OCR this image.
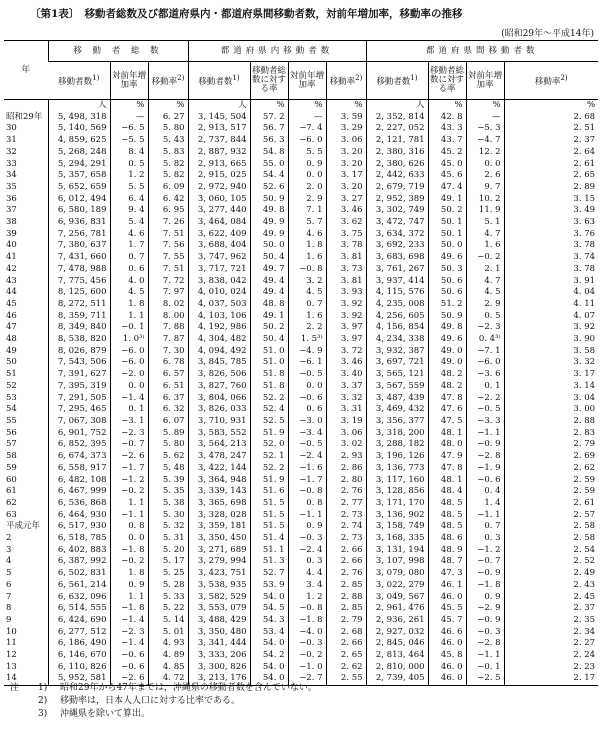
〔第1表〕　移動者総数及び都道府県内・都道府県間移動者数，対前年増加率，移動率の推移
(昭和29年～平成14年)
年	移 動 者 総 数			都道府県内移動者数				都道府県間移動者数			
	移動者数$^{1)}$	対前年増加率	移動率$^{2)}$	移動者数$^{1)}$	移動者総数に対する率	対前年増加率	移動率$^{2)}$	移動者数$^{1)}$	移動者総数に対する率	対前年増加率	移動率$^{2)}$
	人	%	%	人	%	%	%	人	%	%	%
昭和29年	5, 498, 318	—	6. 27	3, 145, 504	57. 2	—	3. 59	2, 352, 814	42. 8	—	2. 68
30	5, 140, 569	−6. 5	5. 80	2, 913, 517	56. 7	−7. 4	3. 29	2, 227, 052	43. 3	−5. 3	2. 51
31	4, 859, 625	−5. 5	5. 43	2, 737, 844	56. 3	−6. 0	3. 06	2, 121, 781	43. 7	−4. 7	2. 37
32	5, 268, 248	8. 4	5. 83	2, 887, 932	54. 8	5. 5	3. 20	2, 380, 316	45. 2	12. 2	2. 64
33	5, 294, 291	0. 5	5. 82	2, 913, 665	55. 0	0. 9	3. 20	2, 380, 626	45. 0	0. 0	2. 61
34	5, 357, 658	1. 2	5. 82	2, 915, 025	54. 4	0. 0	3. 17	2, 442, 633	45. 6	2. 6	2. 65
35	5, 652, 659	5. 5	6. 09	2, 972, 940	52. 6	2. 0	3. 20	2, 679, 719	47. 4	9. 7	2. 89
36	6, 012, 494	6. 4	6. 42	3, 060, 105	50. 9	2. 9	3. 27	2, 952, 389	49. 1	10. 2	3. 15
37	6, 580, 189	9. 4	6. 95	3, 277, 440	49. 8	7. 1	3. 46	3, 302, 749	50. 2	11. 9	3. 49
38	6, 936, 831	5. 4	7. 26	3, 464, 084	49. 9	5. 7	3. 62	3, 472, 747	50. 1	5. 1	3. 63
39	7, 256, 781	4. 6	7. 51	3, 622, 409	49. 9	4. 6	3. 75	3, 634, 372	50. 1	4. 7	3. 76
40	7, 380, 637	1. 7	7. 56	3, 688, 404	50. 0	1. 8	3. 78	3, 692, 233	50. 0	1. 6	3. 78
41	7, 431, 660	0. 7	7. 55	3, 747, 962	50. 4	1. 6	3. 81	3, 683, 698	49. 6	−0. 2	3. 74
42	7, 478, 988	0. 6	7. 51	3, 717, 721	49. 7	−0. 8	3. 73	3, 761, 267	50. 3	2. 1	3. 78
43	7, 775, 456	4. 0	7. 72	3, 838, 042	49. 4	3. 2	3. 81	3, 937, 414	50. 6	4. 7	3. 91
44	8, 125, 600	4. 5	7. 97	4, 010, 024	49. 4	4. 5	3. 93	4, 115, 576	50. 6	4. 5	4. 04
45	8, 272, 511	1. 8	8. 02	4, 037, 503	48. 8	0. 7	3. 92	4, 235, 008	51. 2	2. 9	4. 11
46	8, 359, 711	1. 1	8. 00	4, 103, 106	49. 1	1. 6	3. 92	4, 256, 605	50. 9	0. 5	4. 07
47	8, 349, 840	−0. 1	7. 88	4, 192, 986	50. 2	2. 2	3. 97	4, 156, 854	49. 8	−2. 3	3. 92
48	8, 538, 820	1. 0³⁾	7. 87	4, 304, 482	50. 4	1. 5³⁾	3. 97	4, 234, 338	49. 6	0. 4³⁾	3. 90
49	8, 026, 879	−6. 0	7. 30	4, 094, 492	51. 0	−4. 9	3. 72	3, 932, 387	49. 0	−7. 1	3. 58
50	7, 543, 506	−6. 0	6. 78	3, 845, 785	51. 0	−6. 1	3. 46	3, 697, 721	49. 0	−6. 0	3. 32
51	7, 391, 627	−2. 0	6. 57	3, 826, 506	51. 8	−0. 5	3. 40	3, 565, 121	48. 2	−3. 6	3. 17
52	7, 395, 319	0. 0	6. 51	3, 827, 760	51. 8	0. 0	3. 37	3, 567, 559	48. 2	0. 1	3. 14
53	7, 291, 505	−1. 4	6. 37	3, 804, 066	52. 2	−0. 6	3. 32	3, 487, 439	47. 8	−2. 2	3. 04
54	7, 295, 465	0. 1	6. 32	3, 826, 033	52. 4	0. 6	3. 31	3, 469, 432	47. 6	−0. 5	3. 00
55	7, 067, 308	−3. 1	6. 07	3, 710, 931	52. 5	−3. 0	3. 19	3, 356, 377	47. 5	−3. 3	2. 88
56	6, 901, 752	−2. 3	5. 89	3, 583, 552	51. 9	−3. 4	3. 06	3, 318, 200	48. 1	−1. 1	2. 83
57	6, 852, 395	−0. 7	5. 80	3, 564, 213	52. 0	−0. 5	3. 02	3, 288, 182	48. 0	−0. 9	2. 79
58	6, 674, 373	−2. 6	5. 62	3, 478, 247	52. 1	−2. 4	2. 93	3, 196, 126	47. 9	−2. 8	2. 69
59	6, 558, 917	−1. 7	5. 48	3, 422, 144	52. 2	−1. 6	2. 86	3, 136, 773	47. 8	−1. 9	2. 62
60	6, 482, 108	−1. 2	5. 39	3, 364, 948	51. 9	−1. 7	2. 80	3, 117, 160	48. 1	−0. 6	2. 59
61	6, 467, 999	−0. 2	5. 35	3, 339, 143	51. 6	−0. 8	2. 76	3, 128, 856	48. 4	0. 4	2. 59
62	6, 536, 868	1. 1	5. 38	3, 365, 698	51. 5	0. 8	2. 77	3, 171, 170	48. 5	1. 4	2. 61
63	6, 464, 930	−1. 1	5. 30	3, 328, 028	51. 5	−1. 1	2. 73	3, 136, 902	48. 5	−1. 1	2. 57
平成元年	6, 517, 930	0. 8	5. 32	3, 359, 181	51. 5	0. 9	2. 74	3, 158, 749	48. 5	0. 7	2. 58
2	6, 518, 785	0. 0	5. 31	3, 350, 450	51. 4	−0. 3	2. 73	3, 168, 335	48. 6	0. 3	2. 58
3	6, 402, 883	−1. 8	5. 20	3, 271, 689	51. 1	−2. 4	2. 66	3, 131, 194	48. 9	−1. 2	2. 54
4	6, 387, 992	−0. 2	5. 17	3, 279, 994	51. 3	0. 3	2. 66	3, 107, 998	48. 7	−0. 7	2. 52
5	6, 502, 831	1. 8	5. 25	3, 423, 751	52. 7	4. 4	2. 76	3, 079, 080	47. 3	−0. 9	2. 49
6	6, 561, 214	0. 9	5. 28	3, 538, 935	53. 9	3. 4	2. 85	3, 022, 279	46. 1	−1. 8	2. 43
7	6, 632, 096	1. 1	5. 33	3, 582, 529	54. 0	1. 2	2. 88	3, 049, 567	46. 0	0. 9	2. 45
8	6, 514, 555	−1. 8	5. 22	3, 553, 079	54. 5	−0. 8	2. 85	2, 961, 476	45. 5	−2. 9	2. 37
9	6, 424, 690	−1. 4	5. 14	3, 488, 429	54. 3	−1. 8	2. 79	2, 936, 261	45. 7	−0. 9	2. 35
10	6, 277, 512	−2. 3	5. 01	3, 350, 480	53. 4	−4. 0	2. 68	2, 927, 032	46. 6	−0. 3	2. 34
11	6, 186, 490	−1. 4	4. 93	3, 341, 444	54. 0	−0. 3	2. 66	2, 845, 046	46. 0	−2. 8	2. 27
12	6, 146, 670	−0. 6	4. 89	3, 333, 206	54. 2	−0. 2	2. 65	2, 813, 464	45. 8	−1. 1	2. 24
13	6, 110, 826	−0. 6	4. 85	3, 300, 826	54. 0	−1. 0	2. 62	2, 810, 000	46. 0	−0. 1	2. 23
14	5, 952, 581	−2. 6	4. 72	3, 213, 176	54. 0	−2. 7	2. 55	2, 739, 405	46. 0	−2. 5	2. 17
注 1) 昭和29年から47年までは，沖縄県の移動者数を含んでいない。
2) 移動率は，日本人人口に対する比率である。
3) 沖縄県を除いて算出。
